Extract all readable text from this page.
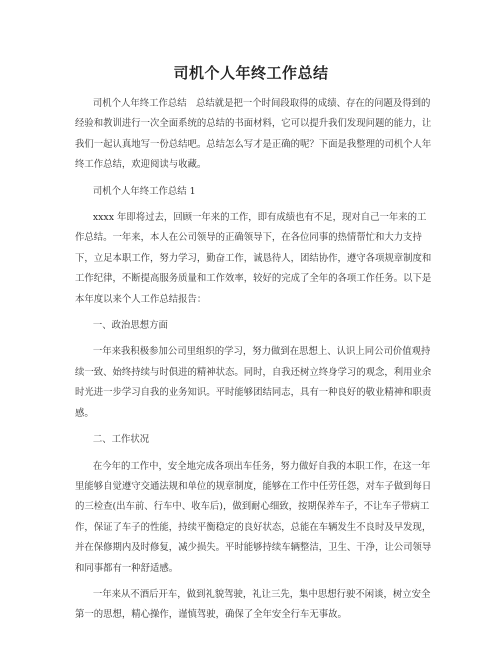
司机个人年终工作总结

司机个人年终工作总结　总结就是把一个时间段取得的成绩、存在的问题及得到的经验和教训进行一次全面系统的总结的书面材料，它可以提升我们发现问题的能力，让我们一起认真地写一份总结吧。总结怎么写才是正确的呢？下面是我整理的司机个人年终工作总结，欢迎阅读与收藏。

司机个人年终工作总结 1

xxxx 年即将过去，回顾一年来的工作，即有成绩也有不足，现对自己一年来的工作总结。一年来，本人在公司领导的正确领导下，在各位同事的热情帮忙和大力支持下，立足本职工作，努力学习，勤奋工作，诚恳待人，团结协作，遵守各项规章制度和工作纪律，不断提高服务质量和工作效率，较好的完成了全年的各项工作任务。以下是本年度以来个人工作总结报告：

一、政治思想方面

一年来我积极参加公司里组织的学习，努力做到在思想上、认识上同公司价值观持续一致、始终持续与时俱进的精神状态。同时，自我还树立终身学习的观念，利用业余时光进一步学习自我的业务知识。平时能够团结同志，具有一种良好的敬业精神和职责感。

二、工作状况

在今年的工作中，安全地完成各项出车任务，努力做好自我的本职工作，在这一年里能够自觉遵守交通法规和单位的规章制度，能够在工作中任劳任怨，对车子做到每日的三检查(出车前、行车中、收车后)，做到耐心细致，按期保养车子，不让车子带病工作，保证了车子的性能，持续平衡稳定的良好状态，总能在车辆发生不良时及早发现，并在保修期内及时修复，减少损失。平时能够持续车辆整洁，卫生、干净，让公司领导和同事都有一种舒适感。

一年来从不酒后开车，做到礼貌驾驶，礼让三先，集中思想行驶不闲谈，树立安全第一的思想，精心操作，谨慎驾驶，确保了全年安全行车无事故。
